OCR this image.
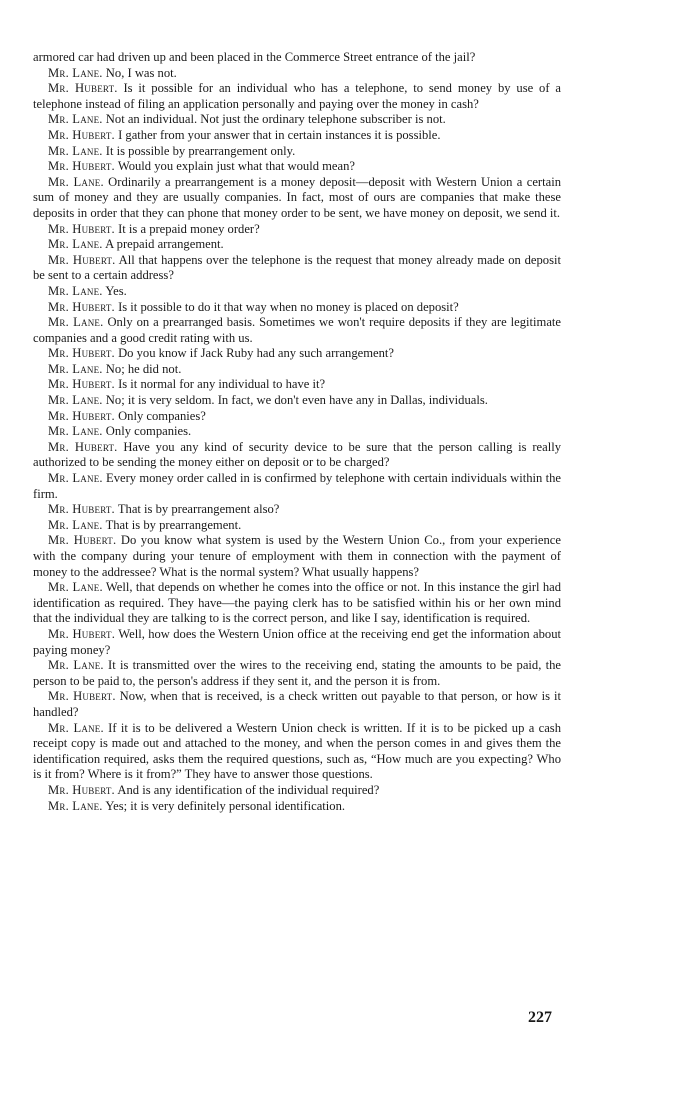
armored car had driven up and been placed in the Commerce Street entrance of the jail?

Mr. Lane. No, I was not.

Mr. Hubert. Is it possible for an individual who has a telephone, to send money by use of a telephone instead of filing an application personally and paying over the money in cash?

Mr. Lane. Not an individual. Not just the ordinary telephone subscriber is not.

Mr. Hubert. I gather from your answer that in certain instances it is possible.

Mr. Lane. It is possible by prearrangement only.

Mr. Hubert. Would you explain just what that would mean?

Mr. Lane. Ordinarily a prearrangement is a money deposit—deposit with Western Union a certain sum of money and they are usually companies. In fact, most of ours are companies that make these deposits in order that they can phone that money order to be sent, we have money on deposit, we send it.

Mr. Hubert. It is a prepaid money order?

Mr. Lane. A prepaid arrangement.

Mr. Hubert. All that happens over the telephone is the request that money already made on deposit be sent to a certain address?

Mr. Lane. Yes.

Mr. Hubert. Is it possible to do it that way when no money is placed on deposit?

Mr. Lane. Only on a prearranged basis. Sometimes we won't require deposits if they are legitimate companies and a good credit rating with us.

Mr. Hubert. Do you know if Jack Ruby had any such arrangement?

Mr. Lane. No; he did not.

Mr. Hubert. Is it normal for any individual to have it?

Mr. Lane. No; it is very seldom. In fact, we don't even have any in Dallas, individuals.

Mr. Hubert. Only companies?

Mr. Lane. Only companies.

Mr. Hubert. Have you any kind of security device to be sure that the person calling is really authorized to be sending the money either on deposit or to be charged?

Mr. Lane. Every money order called in is confirmed by telephone with certain individuals within the firm.

Mr. Hubert. That is by prearrangement also?

Mr. Lane. That is by prearrangement.

Mr. Hubert. Do you know what system is used by the Western Union Co., from your experience with the company during your tenure of employment with them in connection with the payment of money to the addressee? What is the normal system? What usually happens?

Mr. Lane. Well, that depends on whether he comes into the office or not. In this instance the girl had identification as required. They have—the paying clerk has to be satisfied within his or her own mind that the individual they are talking to is the correct person, and like I say, identification is required.

Mr. Hubert. Well, how does the Western Union office at the receiving end get the information about paying money?

Mr. Lane. It is transmitted over the wires to the receiving end, stating the amounts to be paid, the person to be paid to, the person's address if they sent it, and the person it is from.

Mr. Hubert. Now, when that is received, is a check written out payable to that person, or how is it handled?

Mr. Lane. If it is to be delivered a Western Union check is written. If it is to be picked up a cash receipt copy is made out and attached to the money, and when the person comes in and gives them the identification required, asks them the required questions, such as, “How much are you expecting? Who is it from? Where is it from?” They have to answer those questions.

Mr. Hubert. And is any identification of the individual required?

Mr. Lane. Yes; it is very definitely personal identification.

227
